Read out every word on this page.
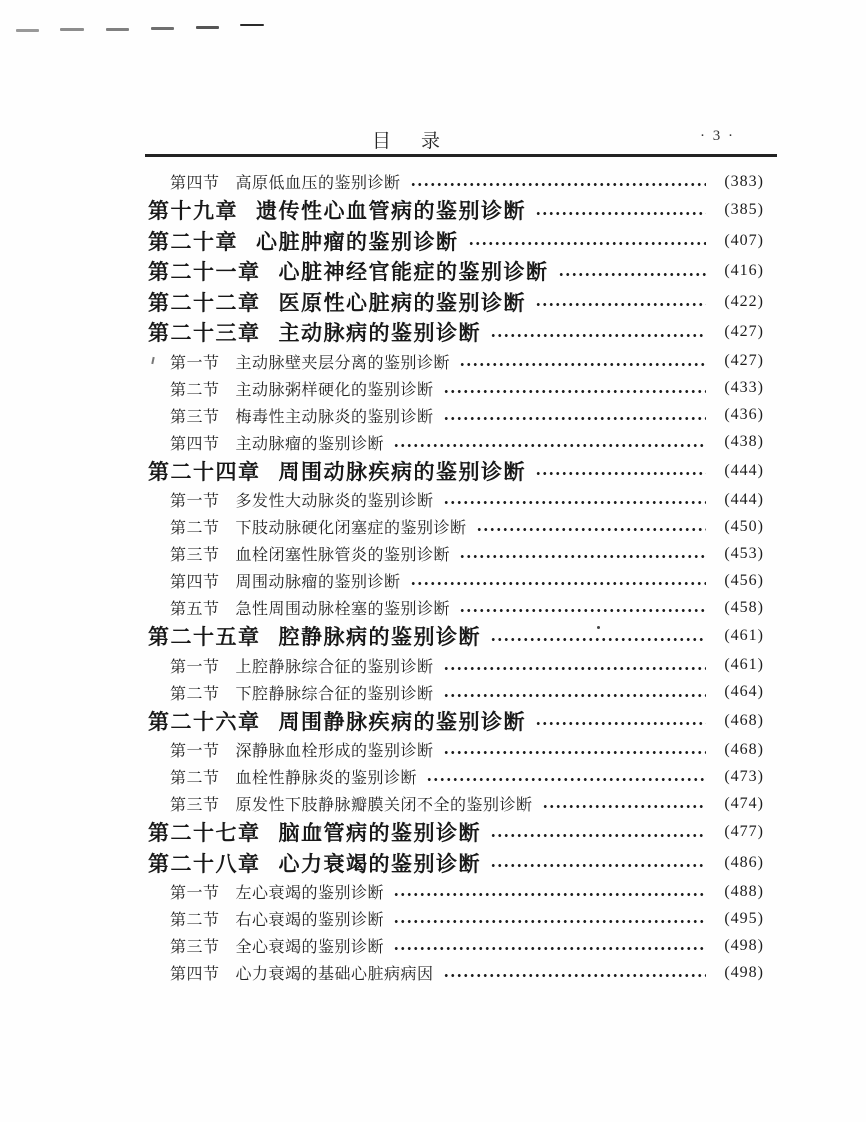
目 录	· 3 ·
第四节 高原低血压的鉴别诊断	(383)
第十九章 遗传性心血管病的鉴别诊断	(385)
第二十章 心脏肿瘤的鉴别诊断	(407)
第二十一章 心脏神经官能症的鉴别诊断	(416)
第二十二章 医原性心脏病的鉴别诊断	(422)
第二十三章 主动脉病的鉴别诊断	(427)
第一节 主动脉壁夹层分离的鉴别诊断	(427)
第二节 主动脉粥样硬化的鉴别诊断	(433)
第三节 梅毒性主动脉炎的鉴别诊断	(436)
第四节 主动脉瘤的鉴别诊断	(438)
第二十四章 周围动脉疾病的鉴别诊断	(444)
第一节 多发性大动脉炎的鉴别诊断	(444)
第二节 下肢动脉硬化闭塞症的鉴别诊断	(450)
第三节 血栓闭塞性脉管炎的鉴别诊断	(453)
第四节 周围动脉瘤的鉴别诊断	(456)
第五节 急性周围动脉栓塞的鉴别诊断	(458)
第二十五章 腔静脉病的鉴别诊断	(461)
第一节 上腔静脉综合征的鉴别诊断	(461)
第二节 下腔静脉综合征的鉴别诊断	(464)
第二十六章 周围静脉疾病的鉴别诊断	(468)
第一节 深静脉血栓形成的鉴别诊断	(468)
第二节 血栓性静脉炎的鉴别诊断	(473)
第三节 原发性下肢静脉瓣膜关闭不全的鉴别诊断	(474)
第二十七章 脑血管病的鉴别诊断	(477)
第二十八章 心力衰竭的鉴别诊断	(486)
第一节 左心衰竭的鉴别诊断	(488)
第二节 右心衰竭的鉴别诊断	(495)
第三节 全心衰竭的鉴别诊断	(498)
第四节 心力衰竭的基础心脏病病因	(498)
